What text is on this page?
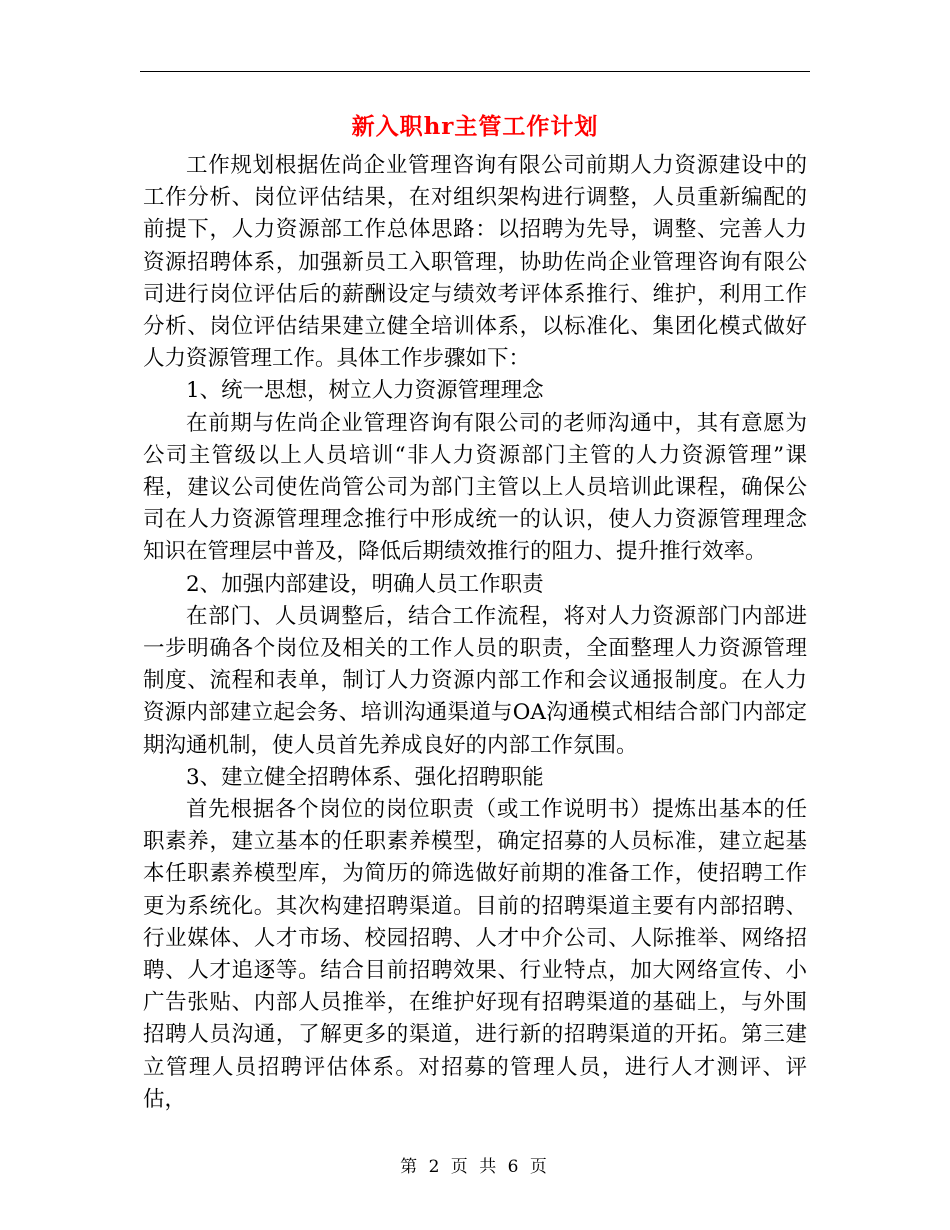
新入职hr主管工作计划

工作规划根据佐尚企业管理咨询有限公司前期人力资源建设中的工作分析、岗位评估结果，在对组织架构进行调整，人员重新编配的前提下，人力资源部工作总体思路：以招聘为先导，调整、完善人力资源招聘体系，加强新员工入职管理，协助佐尚企业管理咨询有限公司进行岗位评估后的薪酬设定与绩效考评体系推行、维护，利用工作分析、岗位评估结果建立健全培训体系，以标准化、集团化模式做好人力资源管理工作。具体工作步骤如下：

1、统一思想，树立人力资源管理理念

在前期与佐尚企业管理咨询有限公司的老师沟通中，其有意愿为公司主管级以上人员培训“非人力资源部门主管的人力资源管理”课程，建议公司使佐尚管公司为部门主管以上人员培训此课程，确保公司在人力资源管理理念推行中形成统一的认识，使人力资源管理理念知识在管理层中普及，降低后期绩效推行的阻力、提升推行效率。

2、加强内部建设，明确人员工作职责

在部门、人员调整后，结合工作流程，将对人力资源部门内部进一步明确各个岗位及相关的工作人员的职责，全面整理人力资源管理制度、流程和表单，制订人力资源内部工作和会议通报制度。在人力资源内部建立起会务、培训沟通渠道与OA沟通模式相结合部门内部定期沟通机制，使人员首先养成良好的内部工作氛围。

3、建立健全招聘体系、强化招聘职能

首先根据各个岗位的岗位职责（或工作说明书）提炼出基本的任职素养，建立基本的任职素养模型，确定招募的人员标准，建立起基本任职素养模型库，为简历的筛选做好前期的准备工作，使招聘工作更为系统化。其次构建招聘渠道。目前的招聘渠道主要有内部招聘、行业媒体、人才市场、校园招聘、人才中介公司、人际推举、网络招聘、人才追逐等。结合目前招聘效果、行业特点，加大网络宣传、小广告张贴、内部人员推举，在维护好现有招聘渠道的基础上，与外围招聘人员沟通，了解更多的渠道，进行新的招聘渠道的开拓。第三建立管理人员招聘评估体系。对招募的管理人员，进行人才测评、评估，

第 2 页 共 6 页
